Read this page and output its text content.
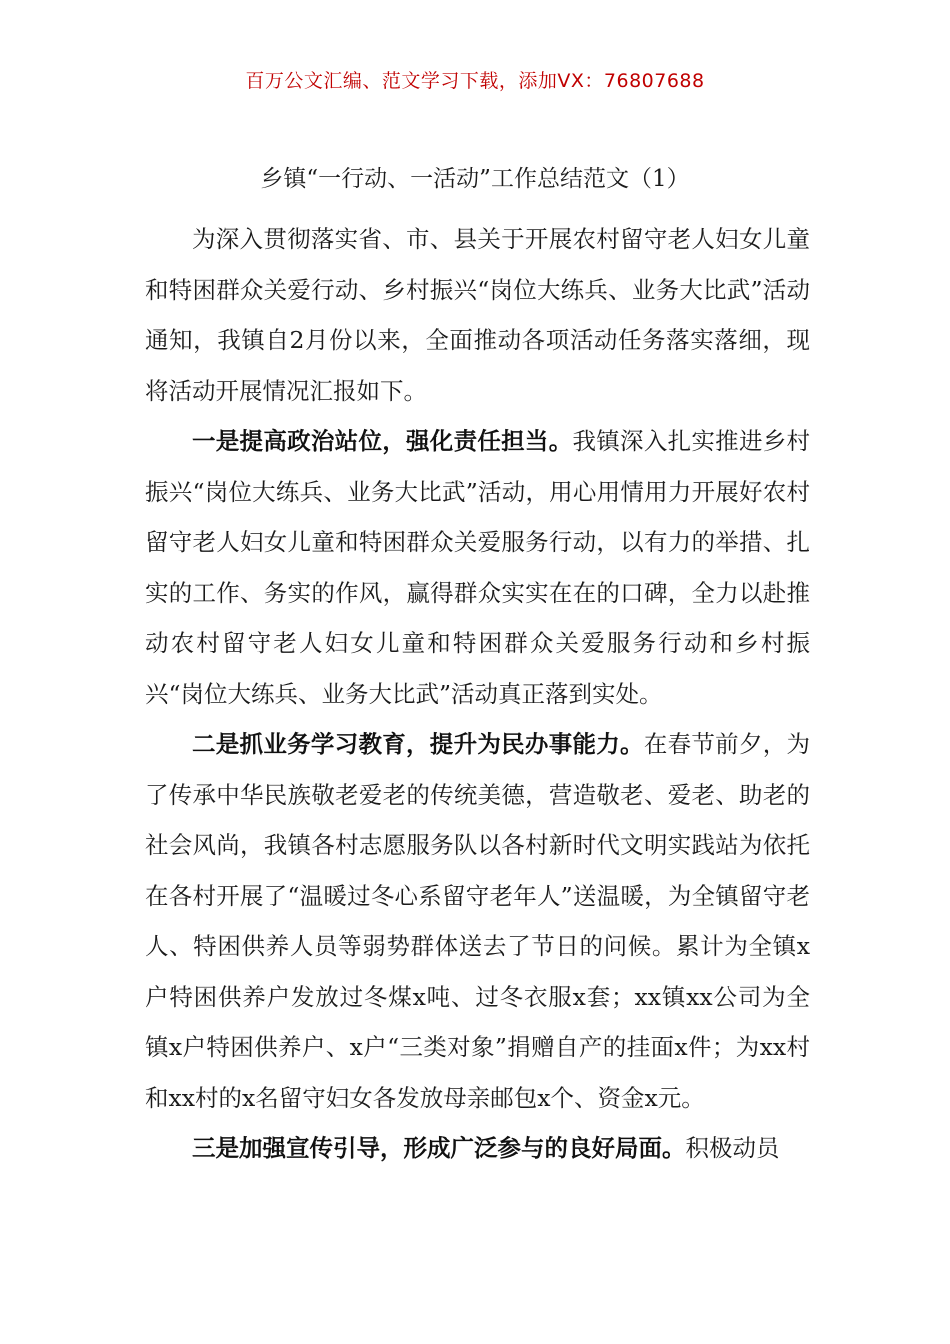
百万公文汇编、范文学习下载，添加VX：76807688
乡镇“一行动、一活动”工作总结范文（1）

为深入贯彻落实省、市、县关于开展农村留守老人妇女儿童和特困群众关爱行动、乡村振兴“岗位大练兵、业务大比武”活动通知，我镇自2月份以来，全面推动各项活动任务落实落细，现将活动开展情况汇报如下。

一是提高政治站位，强化责任担当。我镇深入扎实推进乡村振兴“岗位大练兵、业务大比武”活动，用心用情用力开展好农村留守老人妇女儿童和特困群众关爱服务行动，以有力的举措、扎实的工作、务实的作风，赢得群众实实在在的口碑，全力以赴推动农村留守老人妇女儿童和特困群众关爱服务行动和乡村振兴“岗位大练兵、业务大比武”活动真正落到实处。

二是抓业务学习教育，提升为民办事能力。在春节前夕，为了传承中华民族敬老爱老的传统美德，营造敬老、爱老、助老的社会风尚，我镇各村志愿服务队以各村新时代文明实践站为依托在各村开展了“温暖过冬心系留守老年人”送温暖，为全镇留守老人、特困供养人员等弱势群体送去了节日的问候。累计为全镇x户特困供养户发放过冬煤x吨、过冬衣服x套；xx镇xx公司为全镇x户特困供养户、x户“三类对象”捐赠自产的挂面x件；为xx村和xx村的x名留守妇女各发放母亲邮包x个、资金x元。

三是加强宣传引导，形成广泛参与的良好局面。积极动员
